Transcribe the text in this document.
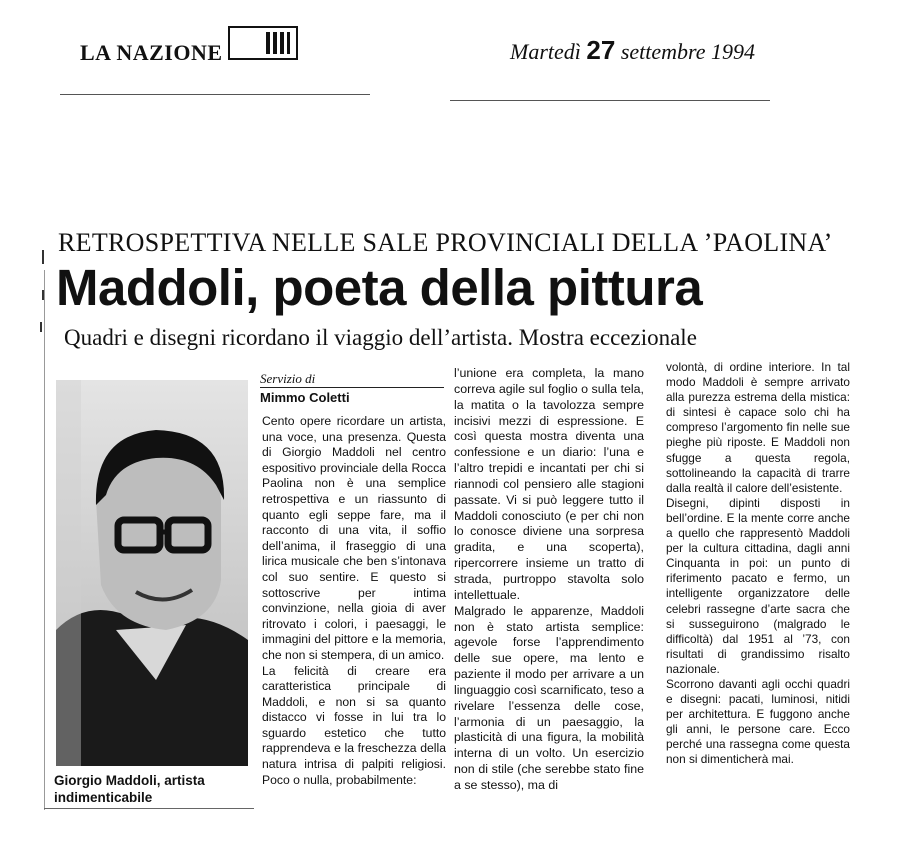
LA NAZIONE	Martedì 27 settembre 1994
RETROSPETTIVA NELLE SALE PROVINCIALI DELLA ’PAOLINA’
Maddoli, poeta della pittura
Quadri e disegni ricordano il viaggio dell’artista. Mostra eccezionale
Giorgio Maddoli, artista indimenticabile
Servizio di
Mimmo Coletti
Cento opere ricordare un artista, una voce, una presenza. Questa di Giorgio Maddoli nel centro espositivo provinciale della Rocca Paolina non è una semplice retrospettiva e un riassunto di quanto egli seppe fare, ma il racconto di una vita, il soffio dell’anima, il fraseggio di una lirica musicale che ben s’intonava col suo sentire. E questo si sottoscrive per intima convinzione, nella gioia di aver ritrovato i colori, i paesaggi, le immagini del pittore e la memoria, che non si stempera, di un amico.
La felicità di creare era caratteristica principale di Maddoli, e non si sa quanto distacco vi fosse in lui tra lo sguardo estetico che tutto rapprendeva e la freschezza della natura intrisa di palpiti religiosi. Poco o nulla, probabilmente:
l’unione era completa, la mano correva agile sul foglio o sulla tela, la matita o la tavolozza sempre incisivi mezzi di espressione. E così questa mostra diventa una confessione e un diario: l’una e l’altro trepidi e incantati per chi si riannodi col pensiero alle stagioni passate. Vi si può leggere tutto il Maddoli conosciuto (e per chi non lo conosce diviene una sorpresa gradita, e una scoperta), ripercorrere insieme un tratto di strada, purtroppo stavolta solo intellettuale.
Malgrado le apparenze, Maddoli non è stato artista semplice: agevole forse l’apprendimento delle sue opere, ma lento e paziente il modo per arrivare a un linguaggio così scarnificato, teso a rivelare l’essenza delle cose, l’armonia di un paesaggio, la plasticità di una figura, la mobilità interna di un volto. Un esercizio non di stile (che serebbe stato fine a se stesso), ma di
volontà, di ordine interiore. In tal modo Maddoli è sempre arrivato alla purezza estrema della mistica: di sintesi è capace solo chi ha compreso l’argomento fin nelle sue pieghe più riposte. E Maddoli non sfugge a questa regola, sottolineando la capacità di trarre dalla realtà il calore dell’esistente.
Disegni, dipinti disposti in bell’ordine. E la mente corre anche a quello che rappresentò Maddoli per la cultura cittadina, dagli anni Cinquanta in poi: un punto di riferimento pacato e fermo, un intelligente organizzatore delle celebri rassegne d’arte sacra che si susseguirono (malgrado le difficoltà) dal 1951 al ’73, con risultati di grandissimo risalto nazionale.
Scorrono davanti agli occhi quadri e disegni: pacati, luminosi, nitidi per architettura. E fuggono anche gli anni, le persone care. Ecco perché una rassegna come questa non si dimenticherà mai.
